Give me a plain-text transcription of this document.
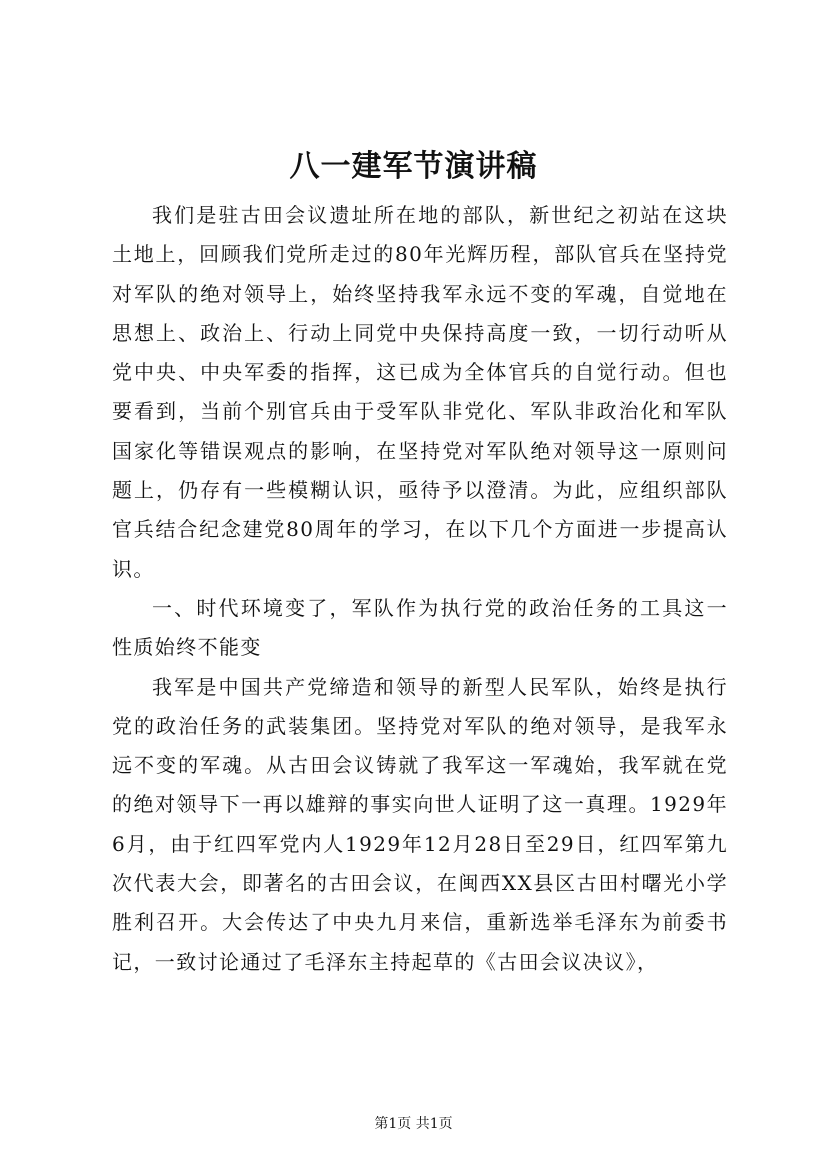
八一建军节演讲稿

我们是驻古田会议遗址所在地的部队，新世纪之初站在这块土地上，回顾我们党所走过的80年光辉历程，部队官兵在坚持党对军队的绝对领导上，始终坚持我军永远不变的军魂，自觉地在思想上、政治上、行动上同党中央保持高度一致，一切行动听从党中央、中央军委的指挥，这已成为全体官兵的自觉行动。但也要看到，当前个别官兵由于受军队非党化、军队非政治化和军队国家化等错误观点的影响，在坚持党对军队绝对领导这一原则问题上，仍存有一些模糊认识，亟待予以澄清。为此，应组织部队官兵结合纪念建党80周年的学习，在以下几个方面进一步提高认识。

一、时代环境变了，军队作为执行党的政治任务的工具这一性质始终不能变

我军是中国共产党缔造和领导的新型人民军队，始终是执行党的政治任务的武装集团。坚持党对军队的绝对领导，是我军永远不变的军魂。从古田会议铸就了我军这一军魂始，我军就在党的绝对领导下一再以雄辩的事实向世人证明了这一真理。1929年6月，由于红四军党内人1929年12月28日至29日，红四军第九次代表大会，即著名的古田会议，在闽西XX县区古田村曙光小学胜利召开。大会传达了中央九月来信，重新选举毛泽东为前委书记，一致讨论通过了毛泽东主持起草的《古田会议决议》，

第1页 共1页
